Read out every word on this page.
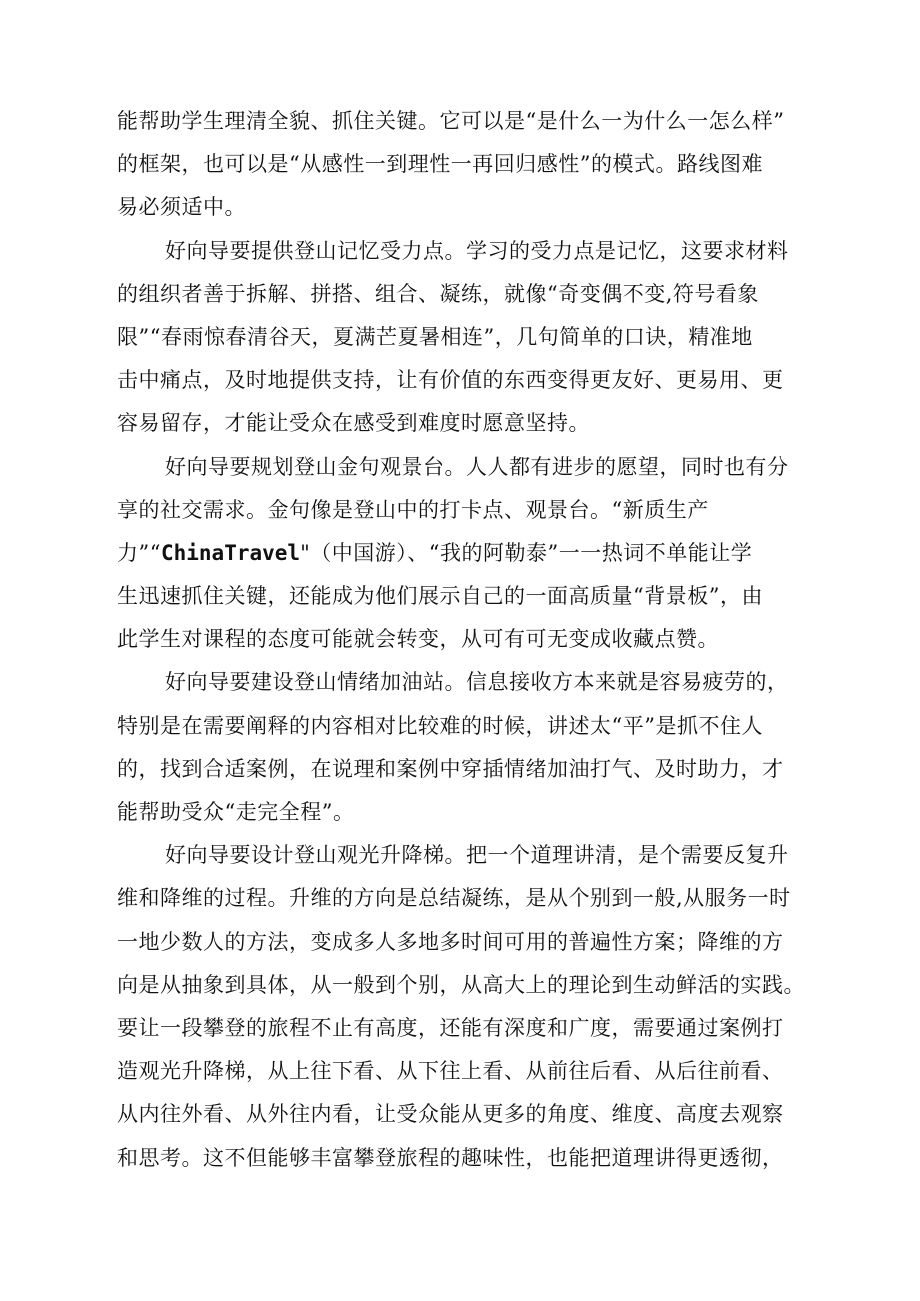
能帮助学生理清全貌、抓住关键。它可以是“是什么一为什么一怎么样”
的框架，也可以是“从感性一到理性一再回归感性”的模式。路线图难
易必须适中。
好向导要提供登山记忆受力点。学习的受力点是记忆，这要求材料
的组织者善于拆解、拼搭、组合、凝练，就像“奇变偶不变,符号看象
限”“春雨惊春清谷天，夏满芒夏暑相连”，几句简单的口诀，精准地
击中痛点，及时地提供支持，让有价值的东西变得更友好、更易用、更
容易留存，才能让受众在感受到难度时愿意坚持。
好向导要规划登山金句观景台。人人都有进步的愿望，同时也有分
享的社交需求。金句像是登山中的打卡点、观景台。“新质生产
力”“ChinaTravel"（中国游）、“我的阿勒泰”一一热词不单能让学
生迅速抓住关键，还能成为他们展示自己的一面高质量“背景板”，由
此学生对课程的态度可能就会转变，从可有可无变成收藏点赞。
好向导要建设登山情绪加油站。信息接收方本来就是容易疲劳的，
特别是在需要阐释的内容相对比较难的时候，讲述太“平”是抓不住人
的，找到合适案例，在说理和案例中穿插情绪加油打气、及时助力，才
能帮助受众“走完全程”。
好向导要设计登山观光升降梯。把一个道理讲清，是个需要反复升
维和降维的过程。升维的方向是总结凝练，是从个别到一般,从服务一时
一地少数人的方法，变成多人多地多时间可用的普遍性方案；降维的方
向是从抽象到具体，从一般到个别，从高大上的理论到生动鲜活的实践。
要让一段攀登的旅程不止有高度，还能有深度和广度，需要通过案例打
造观光升降梯，从上往下看、从下往上看、从前往后看、从后往前看、
从内往外看、从外往内看，让受众能从更多的角度、维度、高度去观察
和思考。这不但能够丰富攀登旅程的趣味性，也能把道理讲得更透彻，
